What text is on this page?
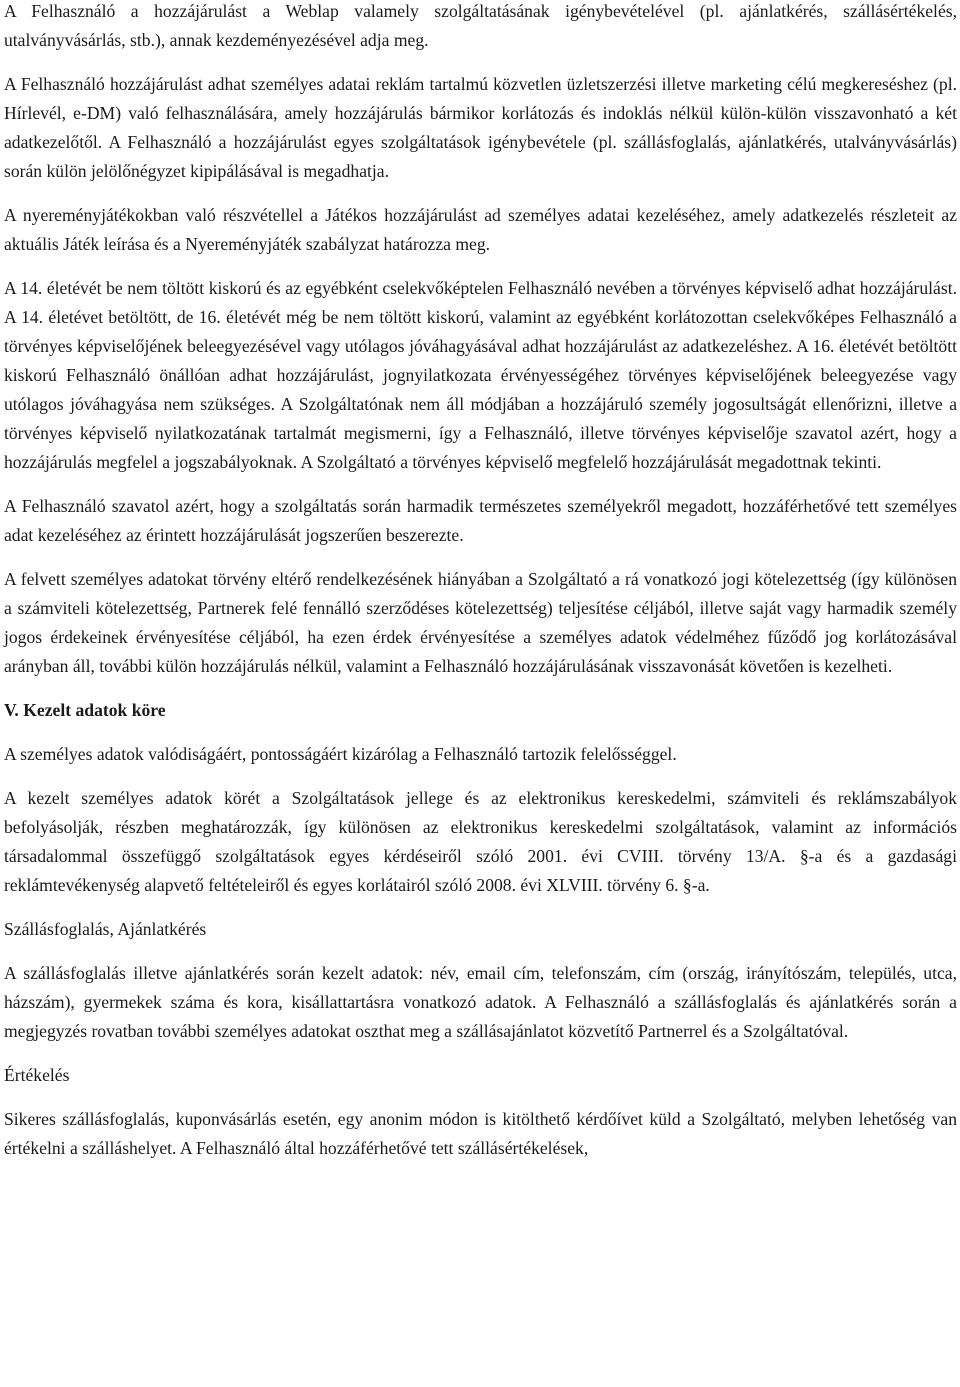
A Felhasználó a hozzájárulást a Weblap valamely szolgáltatásának igénybevételével (pl. ajánlatkérés, szállásértékelés, utalványvásárlás, stb.), annak kezdeményezésével adja meg.

A Felhasználó hozzájárulást adhat személyes adatai reklám tartalmú közvetlen üzletszerzési illetve marketing célú megkereséshez (pl. Hírlevél, e-DM) való felhasználására, amely hozzájárulás bármikor korlátozás és indoklás nélkül külön-külön visszavonható a két adatkezelőtől. A Felhasználó a hozzájárulást egyes szolgáltatások igénybevétele (pl. szállásfoglalás, ajánlatkérés, utalványvásárlás) során külön jelölőnégyzet kipipálásával is megadhatja.

A nyereményjátékokban való részvétellel a Játékos hozzájárulást ad személyes adatai kezeléséhez, amely adatkezelés részleteit az aktuális Játék leírása és a Nyereményjáték szabályzat határozza meg.

A 14. életévét be nem töltött kiskorú és az egyébként cselekvőképtelen Felhasználó nevében a törvényes képviselő adhat hozzájárulást. A 14. életévet betöltött, de 16. életévét még be nem töltött kiskorú, valamint az egyébként korlátozottan cselekvőképes Felhasználó a törvényes képviselőjének beleegyezésével vagy utólagos jóváhagyásával adhat hozzájárulást az adatkezeléshez. A 16. életévét betöltött kiskorú Felhasználó önállóan adhat hozzájárulást, jognyilatkozata érvényességéhez törvényes képviselőjének beleegyezése vagy utólagos jóváhagyása nem szükséges. A Szolgáltatónak nem áll módjában a hozzájáruló személy jogosultságát ellenőrizni, illetve a törvényes képviselő nyilatkozatának tartalmát megismerni, így a Felhasználó, illetve törvényes képviselője szavatol azért, hogy a hozzájárulás megfelel a jogszabályoknak. A Szolgáltató a törvényes képviselő megfelelő hozzájárulását megadottnak tekinti.

A Felhasználó szavatol azért, hogy a szolgáltatás során harmadik természetes személyekről megadott, hozzáférhetővé tett személyes adat kezeléséhez az érintett hozzájárulását jogszerűen beszerezte.

A felvett személyes adatokat törvény eltérő rendelkezésének hiányában a Szolgáltató a rá vonatkozó jogi kötelezettség (így különösen a számviteli kötelezettség, Partnerek felé fennálló szerződéses kötelezettség) teljesítése céljából, illetve saját vagy harmadik személy jogos érdekeinek érvényesítése céljából, ha ezen érdek érvényesítése a személyes adatok védelméhez fűződő jog korlátozásával arányban áll, további külön hozzájárulás nélkül, valamint a Felhasználó hozzájárulásának visszavonását követően is kezelheti.

V. Kezelt adatok köre

A személyes adatok valódiságáért, pontosságáért kizárólag a Felhasználó tartozik felelősséggel.

A kezelt személyes adatok körét a Szolgáltatások jellege és az elektronikus kereskedelmi, számviteli és reklámszabályok befolyásolják, részben meghatározzák, így különösen az elektronikus kereskedelmi szolgáltatások, valamint az információs társadalommal összefüggő szolgáltatások egyes kérdéseiről szóló 2001. évi CVIII. törvény 13/A. §-a és a gazdasági reklámtevékenység alapvető feltételeiről és egyes korlátairól szóló 2008. évi XLVIII. törvény 6. §-a.

Szállásfoglalás, Ajánlatkérés

A szállásfoglalás illetve ajánlatkérés során kezelt adatok: név, email cím, telefonszám, cím (ország, irányítószám, település, utca, házszám), gyermekek száma és kora, kisállattartásra vonatkozó adatok. A Felhasználó a szállásfoglalás és ajánlatkérés során a megjegyzés rovatban további személyes adatokat oszthat meg a szállásajánlatot közvetítő Partnerrel és a Szolgáltatóval.

Értékelés

Sikeres szállásfoglalás, kuponvásárlás esetén, egy anonim módon is kitölthető kérdőívet küld a Szolgáltató, melyben lehetőség van értékelni a szálláshelyet. A Felhasználó által hozzáférhetővé tett szállásértékelések,
